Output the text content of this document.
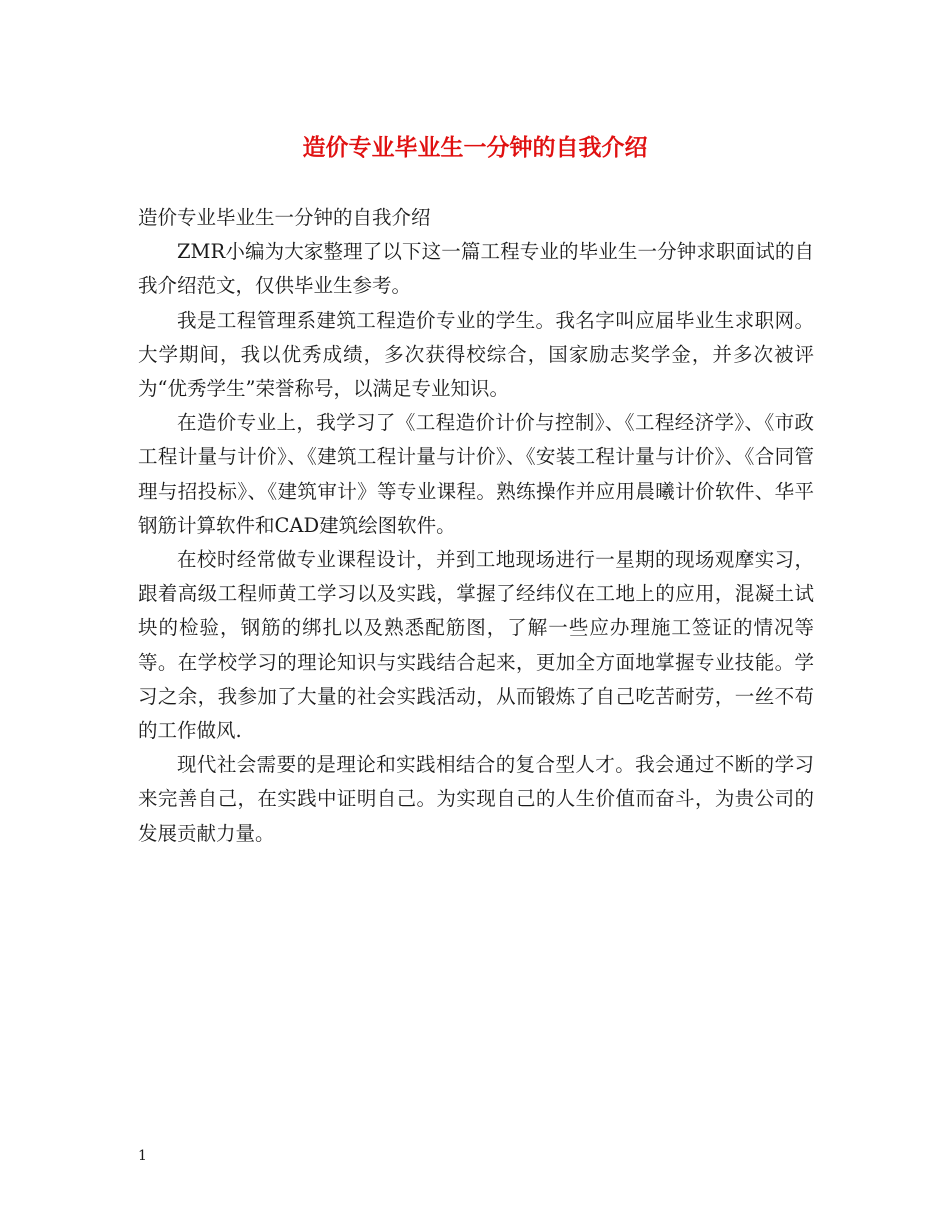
造价专业毕业生一分钟的自我介绍

造价专业毕业生一分钟的自我介绍

ZMR小编为大家整理了以下这一篇工程专业的毕业生一分钟求职面试的自我介绍范文，仅供毕业生参考。

我是工程管理系建筑工程造价专业的学生。我名字叫应届毕业生求职网。大学期间，我以优秀成绩，多次获得校综合，国家励志奖学金，并多次被评为“优秀学生”荣誉称号，以满足专业知识。

在造价专业上，我学习了《工程造价计价与控制》、《工程经济学》、《市政工程计量与计价》、《建筑工程计量与计价》、《安装工程计量与计价》、《合同管理与招投标》、《建筑审计》等专业课程。熟练操作并应用晨曦计价软件、华平钢筋计算软件和CAD建筑绘图软件。

在校时经常做专业课程设计，并到工地现场进行一星期的现场观摩实习，跟着高级工程师黄工学习以及实践，掌握了经纬仪在工地上的应用，混凝土试块的检验，钢筋的绑扎以及熟悉配筋图，了解一些应办理施工签证的情况等等。在学校学习的理论知识与实践结合起来，更加全方面地掌握专业技能。学习之余，我参加了大量的社会实践活动，从而锻炼了自己吃苦耐劳，一丝不苟的工作做风.

现代社会需要的是理论和实践相结合的复合型人才。我会通过不断的学习来完善自己，在实践中证明自己。为实现自己的人生价值而奋斗，为贵公司的发展贡献力量。

1
